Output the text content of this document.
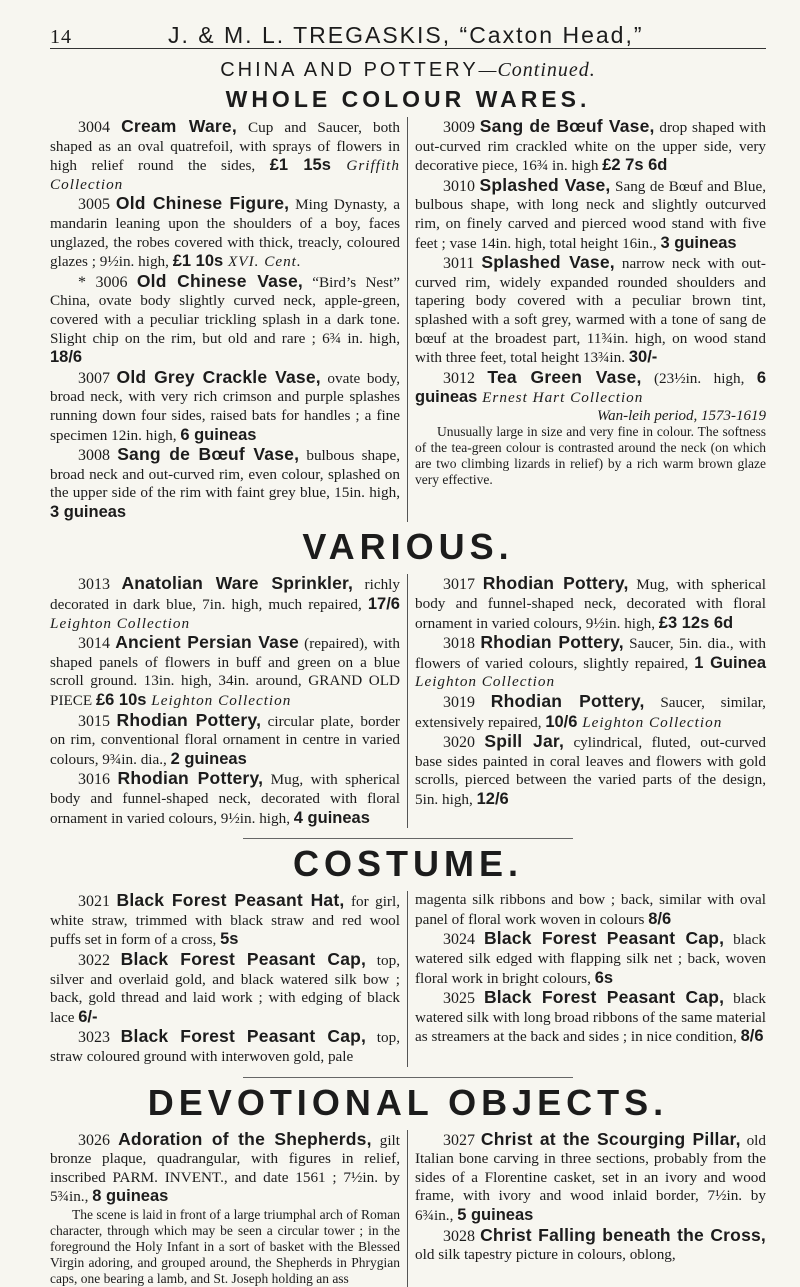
14	J. & M. L. TREGASKIS, “Caxton Head,”
CHINA AND POTTERY—Continued.
WHOLE COLOUR WARES.

3004 Cream Ware, Cup and Saucer, both shaped as an oval quatrefoil, with sprays of flowers in high relief round the sides, £1 15s Griffith Collection

3005 Old Chinese Figure, Ming Dynasty, a mandarin leaning upon the shoulders of a boy, faces unglazed, the robes covered with thick, treacly, coloured glazes ; 9½in. high, £1 10s XVI. Cent.

* 3006 Old Chinese Vase, “Bird’s Nest” China, ovate body slightly curved neck, apple-green, covered with a peculiar trickling splash in a dark tone. Slight chip on the rim, but old and rare ; 6¾ in. high, 18/6

3007 Old Grey Crackle Vase, ovate body, broad neck, with very rich crimson and purple splashes running down four sides, raised bats for handles ; a fine specimen 12in. high, 6 guineas

3008 Sang de Bœuf Vase, bulbous shape, broad neck and out-curved rim, even colour, splashed on the upper side of the rim with faint grey blue, 15in. high, 3 guineas

3009 Sang de Bœuf Vase, drop shaped with out-curved rim crackled white on the upper side, very decorative piece, 16¾ in. high £2 7s 6d

3010 Splashed Vase, Sang de Bœuf and Blue, bulbous shape, with long neck and slightly outcurved rim, on finely carved and pierced wood stand with five feet ; vase 14in. high, total height 16in., 3 guineas

3011 Splashed Vase, narrow neck with out-curved rim, widely expanded rounded shoulders and tapering body covered with a peculiar brown tint, splashed with a soft grey, warmed with a tone of sang de bœuf at the broadest part, 11¾in. high, on wood stand with three feet, total height 13¾in. 30/-

3012 Tea Green Vase, (23½in. high, 6 guineas Ernest Hart Collection

Wan-leih period, 1573-1619

Unusually large in size and very fine in colour. The softness of the tea-green colour is contrasted around the neck (on which are two climbing lizards in relief) by a rich warm brown glaze very effective.

VARIOUS.

3013 Anatolian Ware Sprinkler, richly decorated in dark blue, 7in. high, much repaired, 17/6 Leighton Collection

3014 Ancient Persian Vase (repaired), with shaped panels of flowers in buff and green on a blue scroll ground. 13in. high, 34in. around, GRAND OLD PIECE £6 10s Leighton Collection

3015 Rhodian Pottery, circular plate, border on rim, conventional floral ornament in centre in varied colours, 9¾in. dia., 2 guineas

3016 Rhodian Pottery, Mug, with spherical body and funnel-shaped neck, decorated with floral ornament in varied colours, 9½in. high, 4 guineas

3017 Rhodian Pottery, Mug, with spherical body and funnel-shaped neck, decorated with floral ornament in varied colours, 9½in. high, £3 12s 6d

3018 Rhodian Pottery, Saucer, 5in. dia., with flowers of varied colours, slightly repaired, 1 Guinea Leighton Collection

3019 Rhodian Pottery, Saucer, similar, extensively repaired, 10/6 Leighton Collection

3020 Spill Jar, cylindrical, fluted, out-curved base sides painted in coral leaves and flowers with gold scrolls, pierced between the varied parts of the design, 5in. high, 12/6

COSTUME.

3021 Black Forest Peasant Hat, for girl, white straw, trimmed with black straw and red wool puffs set in form of a cross, 5s

3022 Black Forest Peasant Cap, top, silver and overlaid gold, and black watered silk bow ; back, gold thread and laid work ; with edging of black lace 6/-

3023 Black Forest Peasant Cap, top, straw coloured ground with interwoven gold, pale

magenta silk ribbons and bow ; back, similar with oval panel of floral work woven in colours 8/6

3024 Black Forest Peasant Cap, black watered silk edged with flapping silk net ; back, woven floral work in bright colours, 6s

3025 Black Forest Peasant Cap, black watered silk with long broad ribbons of the same material as streamers at the back and sides ; in nice condition, 8/6

DEVOTIONAL OBJECTS.

3026 Adoration of the Shepherds, gilt bronze plaque, quadrangular, with figures in relief, inscribed PARM. INVENT., and date 1561 ; 7½in. by 5¾in., 8 guineas

The scene is laid in front of a large triumphal arch of Roman character, through which may be seen a circular tower ; in the foreground the Holy Infant in a sort of basket with the Blessed Virgin adoring, and grouped around, the Shepherds in Phrygian caps, one bearing a lamb, and St. Joseph holding an ass

3027 Christ at the Scourging Pillar, old Italian bone carving in three sections, probably from the sides of a Florentine casket, set in an ivory and wood frame, with ivory and wood inlaid border, 7½in. by 6¾in., 5 guineas

3028 Christ Falling beneath the Cross, old silk tapestry picture in colours, oblong,
